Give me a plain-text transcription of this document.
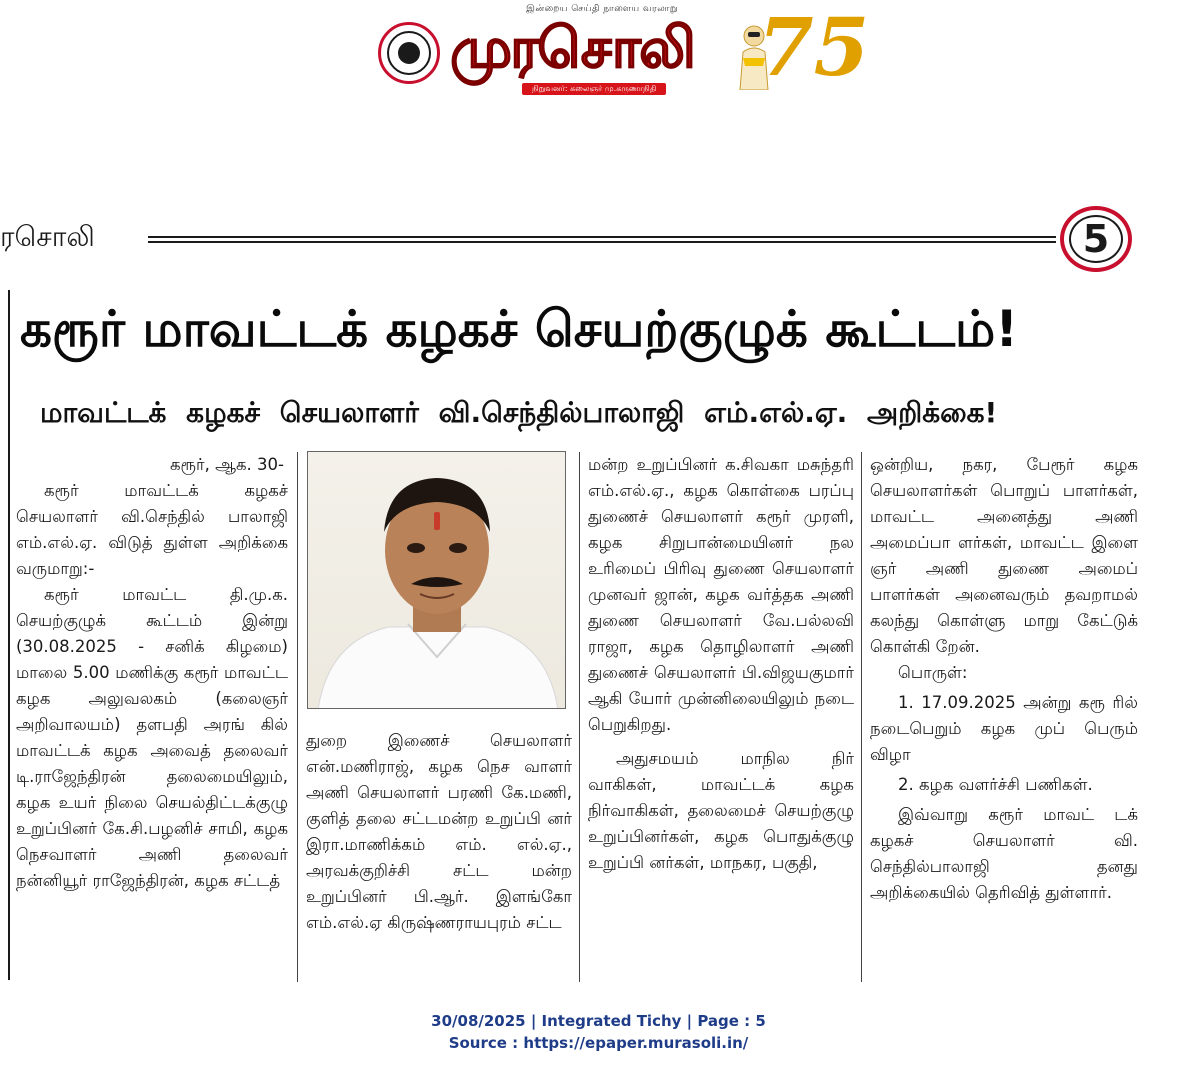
இன்றைய செய்தி நாளைய வரலாறு
முரசொலி
நிறுவனர்: கலைஞர் மு.கருணாநிதி 75
ரசொலி	5
கரூர் மாவட்டக் கழகச் செயற்குழுக் கூட்டம்!
மாவட்டக் கழகச் செயலாளர் வி.செந்தில்பாலாஜி எம்.எல்.ஏ. அறிக்கை!

கரூர், ஆக. 30-

கரூர் மாவட்டக் கழகச் செயலாளர் வி.செந்தில் பாலாஜி எம்.எல்.ஏ. விடுத் துள்ள அறிக்கை வருமாறு:-

கரூர் மாவட்ட தி.மு.க. செயற்குழுக் கூட்டம் இன்று (30.08.2025 - சனிக் கிழமை) மாலை 5.00 மணிக்கு கரூர் மாவட்ட கழக அலுவலகம் (கலைஞர் அறிவாலயம்) தளபதி அரங் கில் மாவட்டக் கழக அவைத் தலைவர் டி.ராஜேந்திரன் தலைமையிலும், கழக உயர் நிலை செயல்திட்டக்குழு உறுப்பினர் கே.சி.பழனிச் சாமி, கழக நெசவாளர் அணி தலைவர் நன்னியூர் ராஜேந்திரன், கழக சட்டத்

துறை இணைச் செயலாளர் என்.மணிராஜ், கழக நெச வாளர் அணி செயலாளர் பரணி கே.மணி, குளித் தலை சட்டமன்ற உறுப்பி னர் இரா.மாணிக்கம் எம். எல்.ஏ., அரவக்குறிச்சி சட்ட மன்ற உறுப்பினர் பி.ஆர். இளங்கோ எம்.எல்.ஏ கிருஷ்ணராயபுரம் சட்ட

மன்ற உறுப்பினர் க.சிவகா மசுந்தரி எம்.எல்.ஏ., கழக கொள்கை பரப்பு துணைச் செயலாளர் கரூர் முரளி, கழக சிறுபான்மையினர் நல உரிமைப் பிரிவு துணை செயலாளர் முனவர் ஜான், கழக வர்த்தக அணி துணை செயலாளர் வே.பல்லவி ராஜா, கழக தொழிலாளர் அணி துணைச் செயலாளர் பி.விஜயகுமார் ஆகி யோர் முன்னிலையிலும் நடை பெறுகிறது.

அதுசமயம் மாநில நிர் வாகிகள், மாவட்டக் கழக நிர்வாகிகள், தலைமைச் செயற்குழு உறுப்பினர்கள், கழக பொதுக்குழு உறுப்பி னர்கள், மாநகர, பகுதி,

ஒன்றிய, நகர, பேரூர் கழக செயலாளர்கள் பொறுப் பாளர்கள், மாவட்ட அனைத்து அணி அமைப்பா ளர்கள், மாவட்ட இளை ஞர் அணி துணை அமைப் பாளர்கள் அனைவரும் தவறாமல் கலந்து கொள்ளு மாறு கேட்டுக் கொள்கி றேன்.

பொருள்:

1. 17.09.2025 அன்று கரூ ரில் நடைபெறும் கழக முப் பெரும் விழா

2. கழக வளர்ச்சி பணிகள்.

இவ்வாறு கரூர் மாவட் டக் கழகச் செயலாளர் வி. செந்தில்பாலாஜி தனது அறிக்கையில் தெரிவித் துள்ளார்.

30/08/2025 | Integrated Tichy | Page : 5
Source : https://epaper.murasoli.in/
